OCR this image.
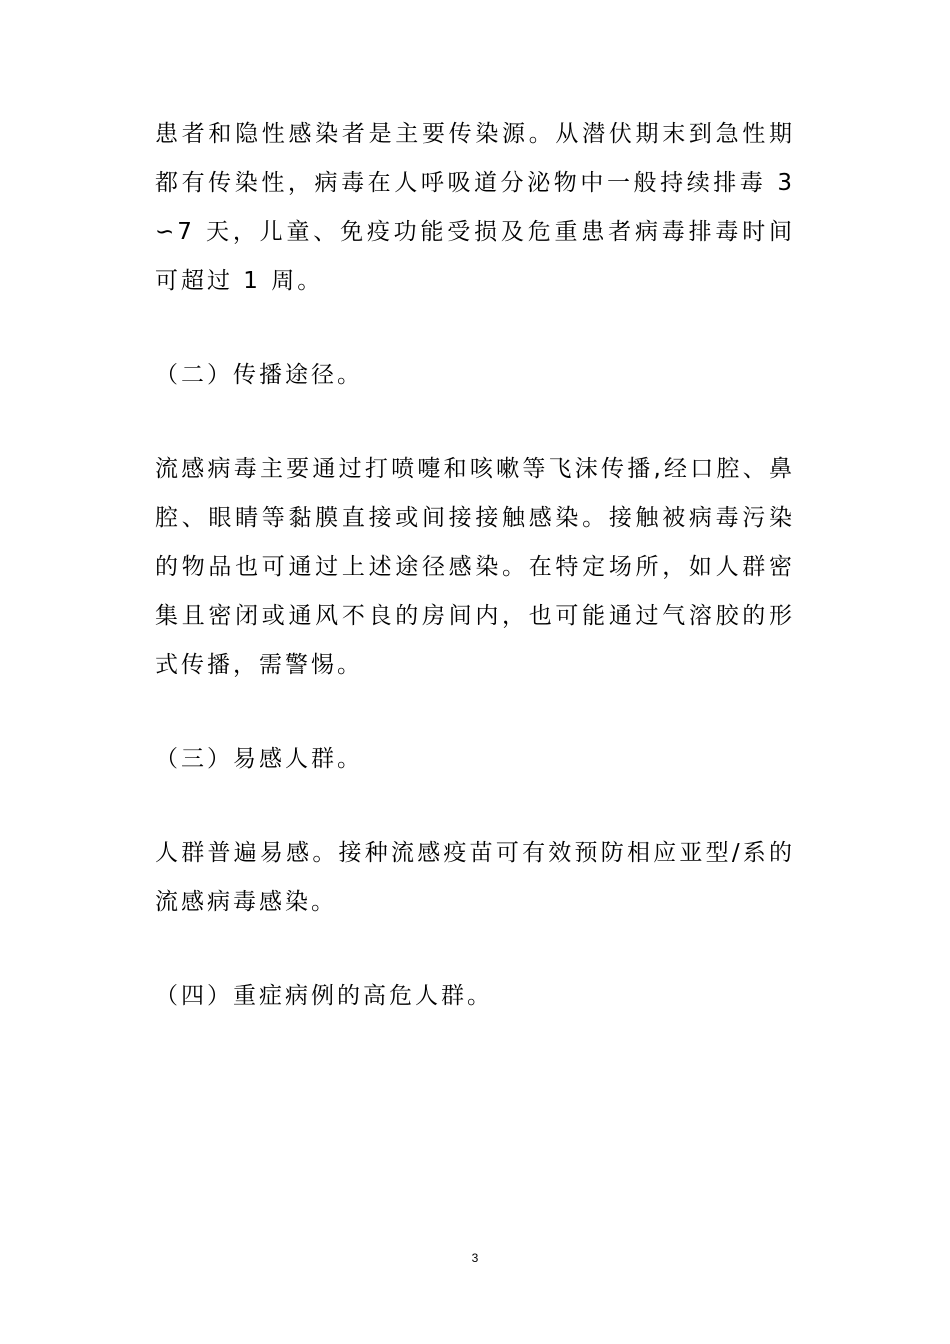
患者和隐性感染者是主要传染源。从潜伏期末到急性期都有传染性，病毒在人呼吸道分泌物中一般持续排毒 3∽7 天，儿童、免疫功能受损及危重患者病毒排毒时间可超过 1 周。

（二）传播途径。

流感病毒主要通过打喷嚏和咳嗽等飞沫传播,经口腔、鼻腔、眼睛等黏膜直接或间接接触感染。接触被病毒污染的物品也可通过上述途径感染。在特定场所，如人群密集且密闭或通风不良的房间内，也可能通过气溶胶的形式传播，需警惕。

（三）易感人群。

人群普遍易感。接种流感疫苗可有效预防相应亚型/系的流感病毒感染。

（四）重症病例的高危人群。

3
